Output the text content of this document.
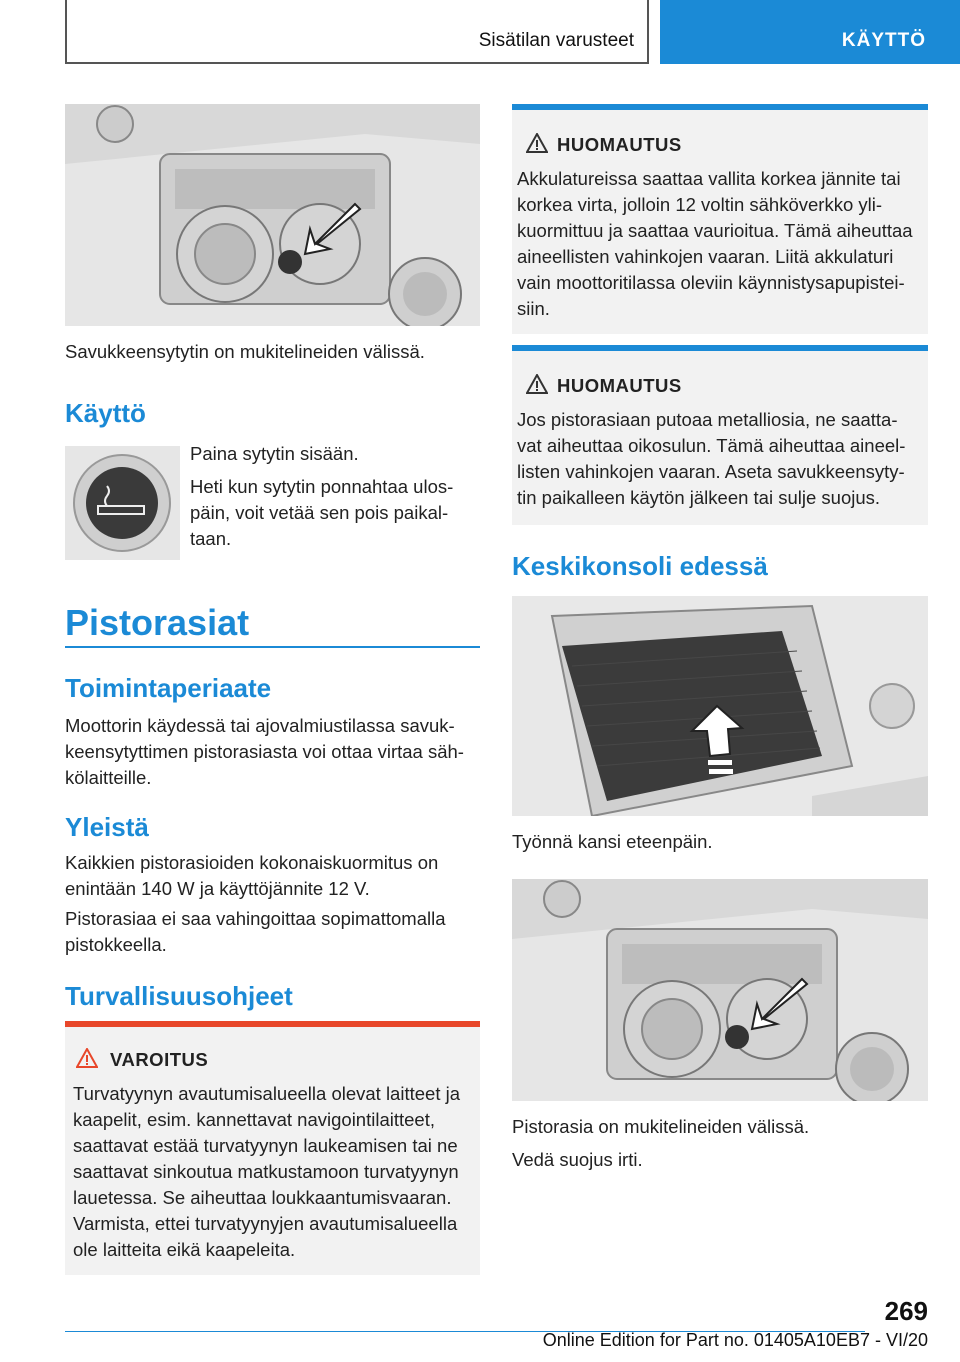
Sisätilan varusteet	KÄYTTÖ
Savukkeensytytin on mukitelineiden välissä.
Käyttö
Paina sytytin sisään.
Heti kun sytytin ponnahtaa ulos-
päin, voit vetää sen pois paikal-
taan.
Pistorasiat
Toimintaperiaate
Moottorin käydessä tai ajovalmiustilassa savuk-
keensytyttimen pistorasiasta voi ottaa virtaa säh-
kölaitteille.
Yleistä
Kaikkien pistorasioiden kokonaiskuormitus on
enintään 140 W ja käyttöjännite 12 V.
Pistorasiaa ei saa vahingoittaa sopimattomalla
pistokkeella.
Turvallisuusohjeet
VAROITUS
Turvatyynyn avautumisalueella olevat laitteet ja
kaapelit, esim. kannettavat navigointilaitteet,
saattavat estää turvatyynyn laukeamisen tai ne
saattavat sinkoutua matkustamoon turvatyynyn
lauetessa. Se aiheuttaa loukkaantumisvaaran.
Varmista, ettei turvatyynyjen avautumisalueella
ole laitteita eikä kaapeleita.
HUOMAUTUS
Akkulatureissa saattaa vallita korkea jännite tai
korkea virta, jolloin 12 voltin sähköverkko yli-
kuormittuu ja saattaa vaurioitua. Tämä aiheuttaa
aineellisten vahinkojen vaaran. Liitä akkulaturi
vain moottoritilassa oleviin käynnistysapupistei-
siin.
HUOMAUTUS
Jos pistorasiaan putoaa metalliosia, ne saatta-
vat aiheuttaa oikosulun. Tämä aiheuttaa aineel-
listen vahinkojen vaaran. Aseta savukkeensyty-
tin paikalleen käytön jälkeen tai sulje suojus.
Keskikonsoli edessä
Työnnä kansi eteenpäin.
Pistorasia on mukitelineiden välissä.
Vedä suojus irti.
269
Online Edition for Part no. 01405A10EB7 - VI/20
